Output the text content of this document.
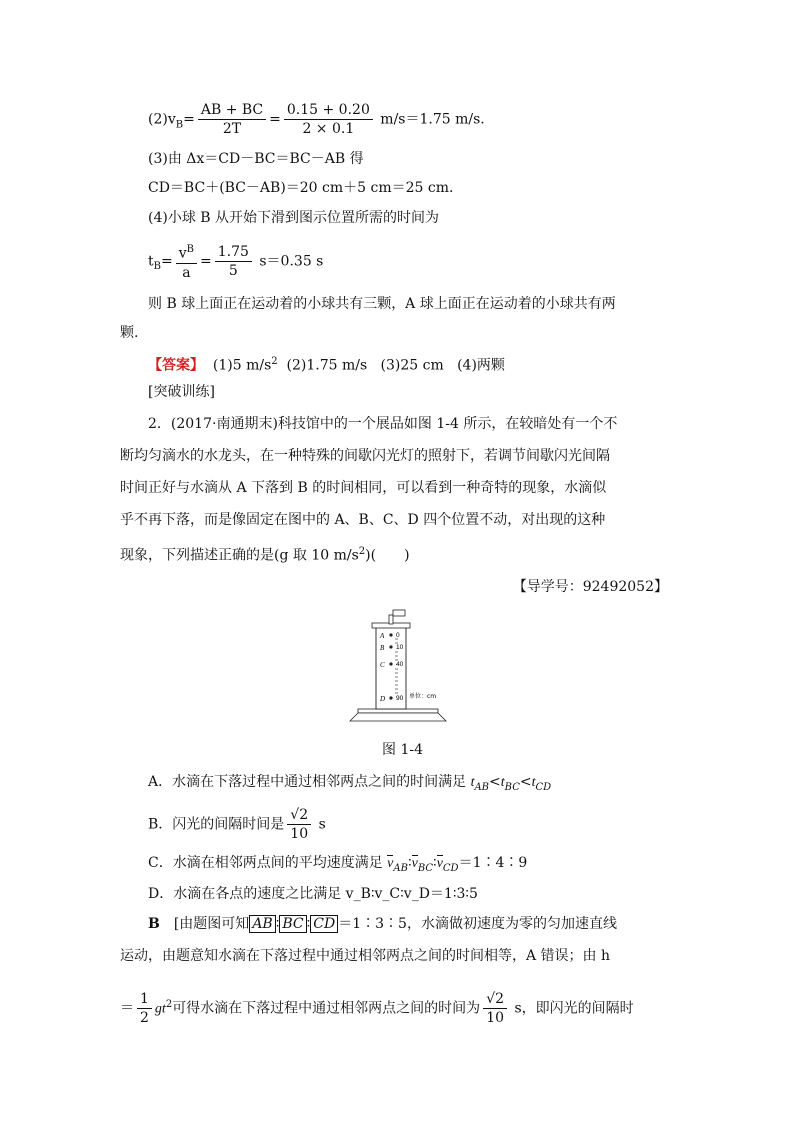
$(2)v_B= \frac{AB + BC}{2T} = \frac{0.15 + 0.20}{2 \times 0.1} m/s=1.75$ m/s.
(3)由 Δx＝CD－BC＝BC－AB 得
CD＝BC＋(BC－AB)＝20 cm＋5 cm＝25 cm.
(4)小球 B 从开始下滑到图示位置所需的时间为
$t_B= \frac{v^B}{a} = \frac{1.75}{5} s=0.35$ s
则 B 球上面正在运动着的小球共有三颗，A 球上面正在运动着的小球共有两
颗.
【答案】 (1)5 $m/s^2$  (2)1.75 m/s   (3)25 cm   (4)两颗
[突破训练]
2．(2017·南通期末)科技馆中的一个展品如图 1-4 所示，在较暗处有一个不
断均匀滴水的水龙头，在一种特殊的间歇闪光灯的照射下，若调节间歇闪光间隔
时间正好与水滴从 A 下落到 B 的时间相同，可以看到一种奇特的现象，水滴似
乎不再下落，而是像固定在图中的 A、B、C、D 四个位置不动，对出现的这种
现象，下列描述正确的是(g 取 10 $m/s^2$)(　　)
【导学号：92492052】
A
B
C
D
0
10
40
90 单位：cm
图 1-4
A．水滴在下落过程中通过相邻两点之间的时间满足 $t_{AB}<t_{BC}<t_{CD}$
B．闪光的间隔时间是 $\frac{√2}{10}$ s
C．水滴在相邻两点间的平均速度满足 $v_{AB}∶v_{BC}∶v_{CD}=1∶4∶9$
D．水滴在各点的速度之比满足 v_B∶v_C∶v_D＝1∶3∶5
B　[由题图可知 AB ∶ BC ∶ CD ＝1∶3∶5，水滴做初速度为零的匀加速直线
运动，由题意知水滴在下落过程中通过相邻两点之间的时间相等，A 错误；由 h
＝ $\frac{1}{2} gt^2$可得水滴在下落过程中通过相邻两点之间的时间为 $\frac{√2}{10}$ s，即闪光的间隔时
